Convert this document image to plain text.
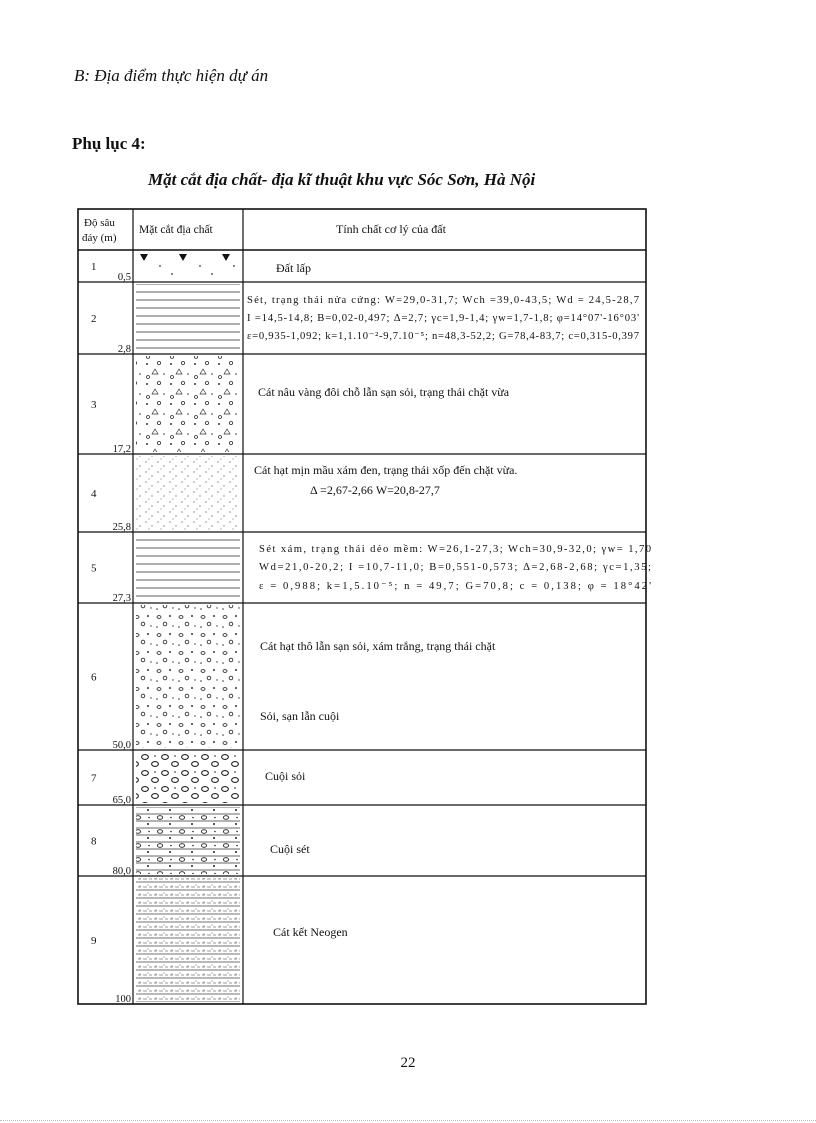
B: Địa điểm thực hiện dự án
Phụ lục 4:
Mặt cắt địa chất- địa kĩ thuật khu vực Sóc Sơn, Hà Nội
Độ sâu
đáy (m)
Mặt cắt địa chất	Tính chất cơ lý của đất
1
0,5
Đất lấp
2
2,8
Sét, trạng thái nửa cứng: W=29,0-31,7; Wch =39,0-43,5; Wd = 24,5-28,7
I =14,5-14,8; B=0,02-0,497; Δ=2,7; γc=1,9-1,4; γw=1,7-1,8; φ=14°07'-16°03'
ε=0,935-1,092; k=1,1.10⁻²-9,7.10⁻⁵; n=48,3-52,2; G=78,4-83,7; c=0,315-0,397
3
17,2
Cát nâu vàng đôi chỗ lẫn sạn sỏi, trạng thái chặt vừa
4
25,8
Cát hạt mịn mầu xám đen, trạng thái xốp đến chặt vừa.
Δ =2,67-2,66 W=20,8-27,7
5
27,3
Sét xám, trạng thái dẻo mềm: W=26,1-27,3; Wch=30,9-32,0; γw= 1,70
Wd=21,0-20,2; I =10,7-11,0; B=0,551-0,573; Δ=2,68-2,68; γc=1,35;
ε = 0,988; k=1,5.10⁻⁵; n = 49,7; G=70,8; c = 0,138; φ = 18°42'
6
50,0
Cát hạt thô lẫn sạn sỏi, xám trắng, trạng thái chặt
Sỏi, sạn lẫn cuội
7
65,0
Cuội sỏi
8
80,0
Cuội sét
9
100
Cát kết Neogen
22
